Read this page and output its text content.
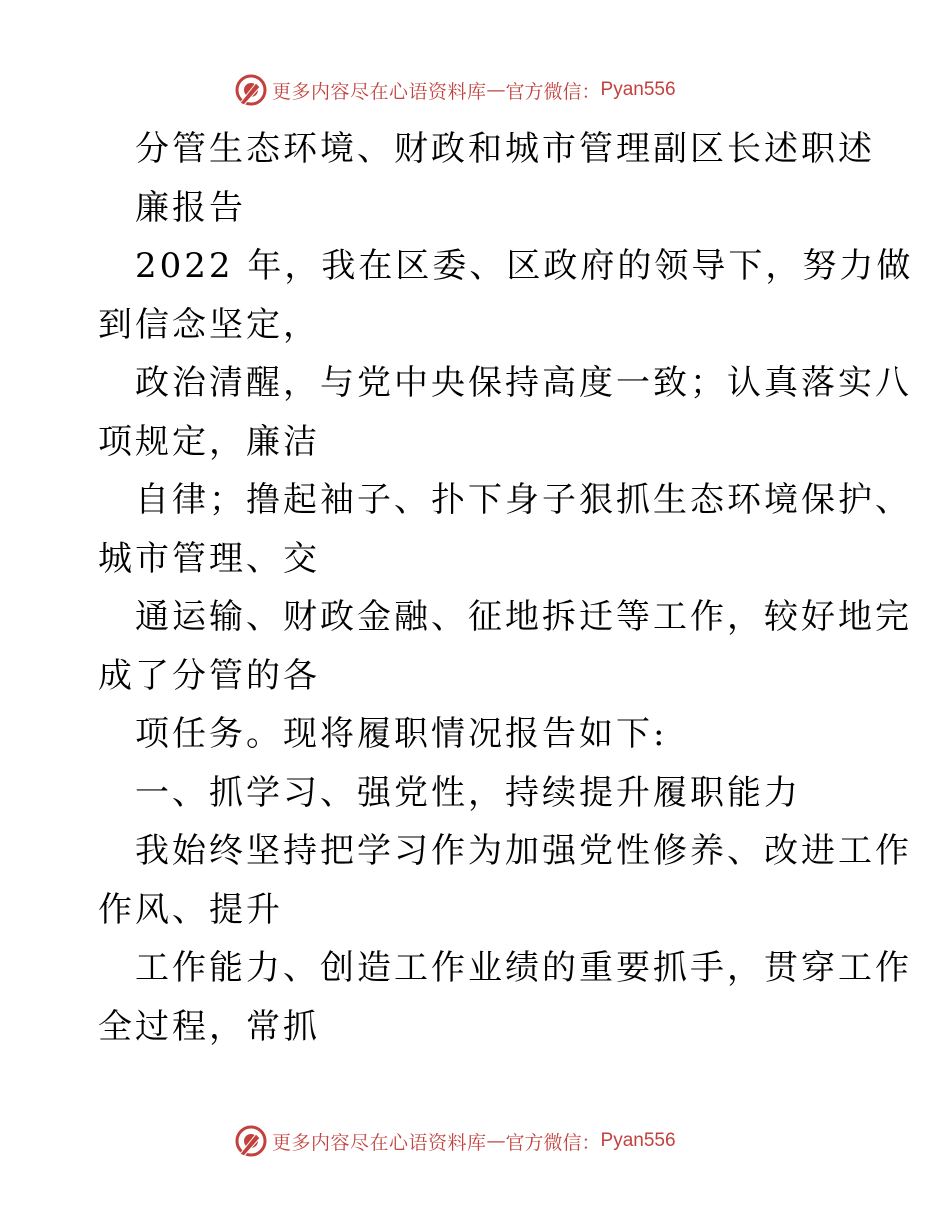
更多内容尽在心语资料库 — 官方微信： Pyan556
分管生态环境、财政和城市管理副区长述职述
廉报告
2022 年，我在区委、区政府的领导下，努力做
到信念坚定，
政治清醒，与党中央保持高度一致；认真落实八
项规定，廉洁
自律；撸起袖子、扑下身子狠抓生态环境保护、
城市管理、交
通运输、财政金融、征地拆迁等工作，较好地完
成了分管的各
项任务。现将履职情况报告如下:
一、抓学习、强党性，持续提升履职能力
我始终坚持把学习作为加强党性修养、改进工作
作风、提升
工作能力、创造工作业绩的重要抓手，贯穿工作
全过程，常抓
更多内容尽在心语资料库 — 官方微信： Pyan556
